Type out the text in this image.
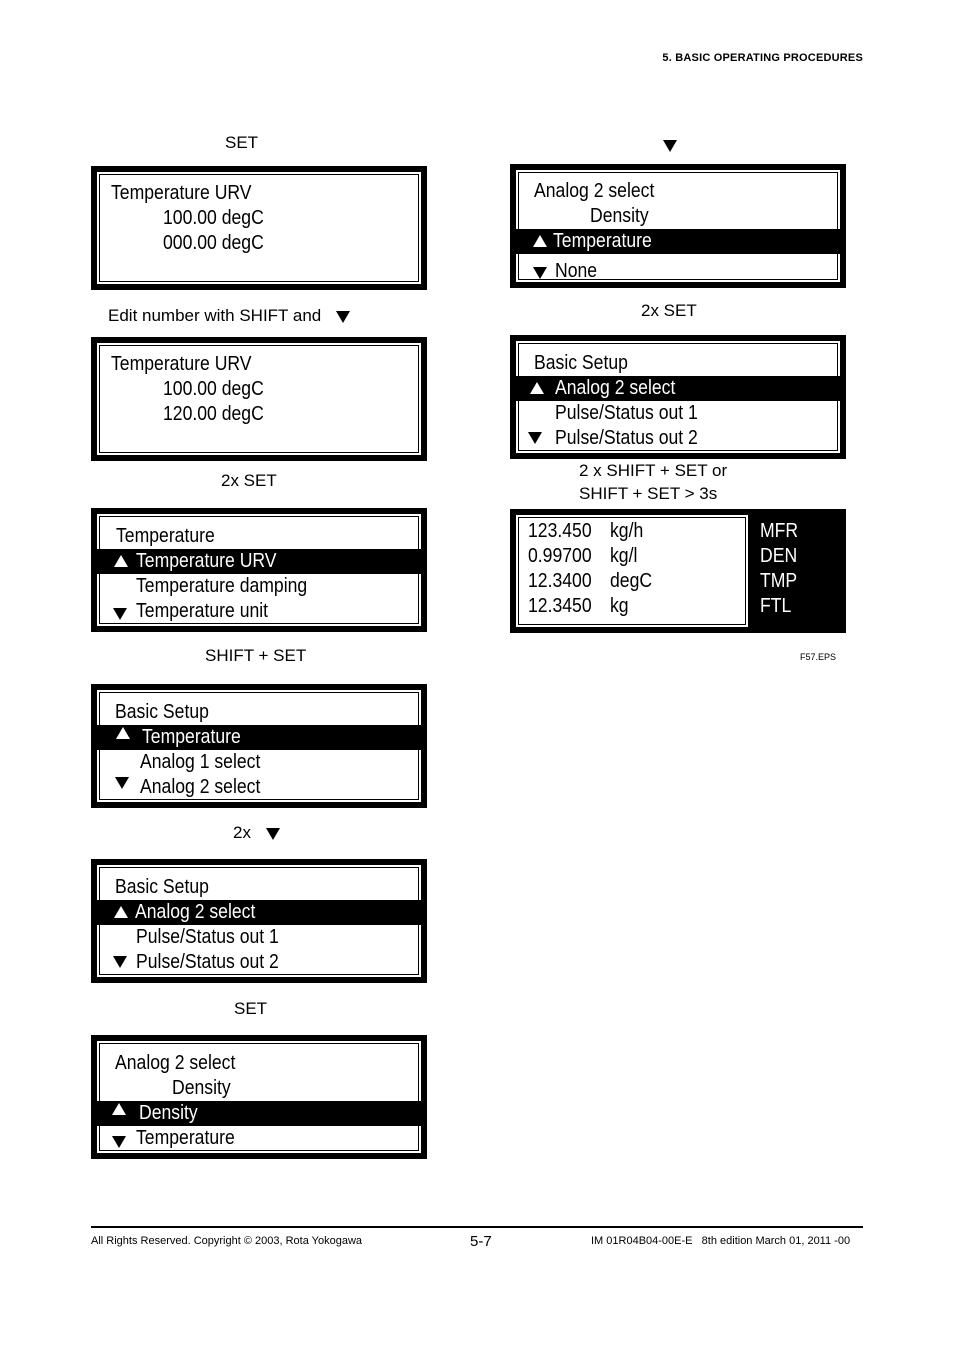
5. BASIC OPERATING PROCEDURES
SET
Temperature URV
100.00 degC
000.00 degC
Edit number with SHIFT and
Temperature URV
100.00 degC
120.00 degC
2x SET
Temperature
Temperature URV
Temperature damping
Temperature unit
SHIFT + SET
Basic Setup
Temperature
Analog 1 select
Analog 2 select
2x
Basic Setup
Analog 2 select
Pulse/Status out 1
Pulse/Status out 2
SET
Analog 2 select
Density
Density
Temperature
Analog 2 select
Density
Temperature
None
2x SET
Basic Setup
Analog 2 select
Pulse/Status out 1
Pulse/Status out 2
2 x SHIFT + SET or
SHIFT + SET > 3s
123.450 kg/h
0.99700 kg/l
12.3400 degC
12.3450 kg
MFR
DEN
TMP
FTL
F57.EPS
All Rights Reserved. Copyright © 2003, Rota Yokogawa	5-7	IM 01R04B04-00E-E   8th edition March 01, 2011 -00
